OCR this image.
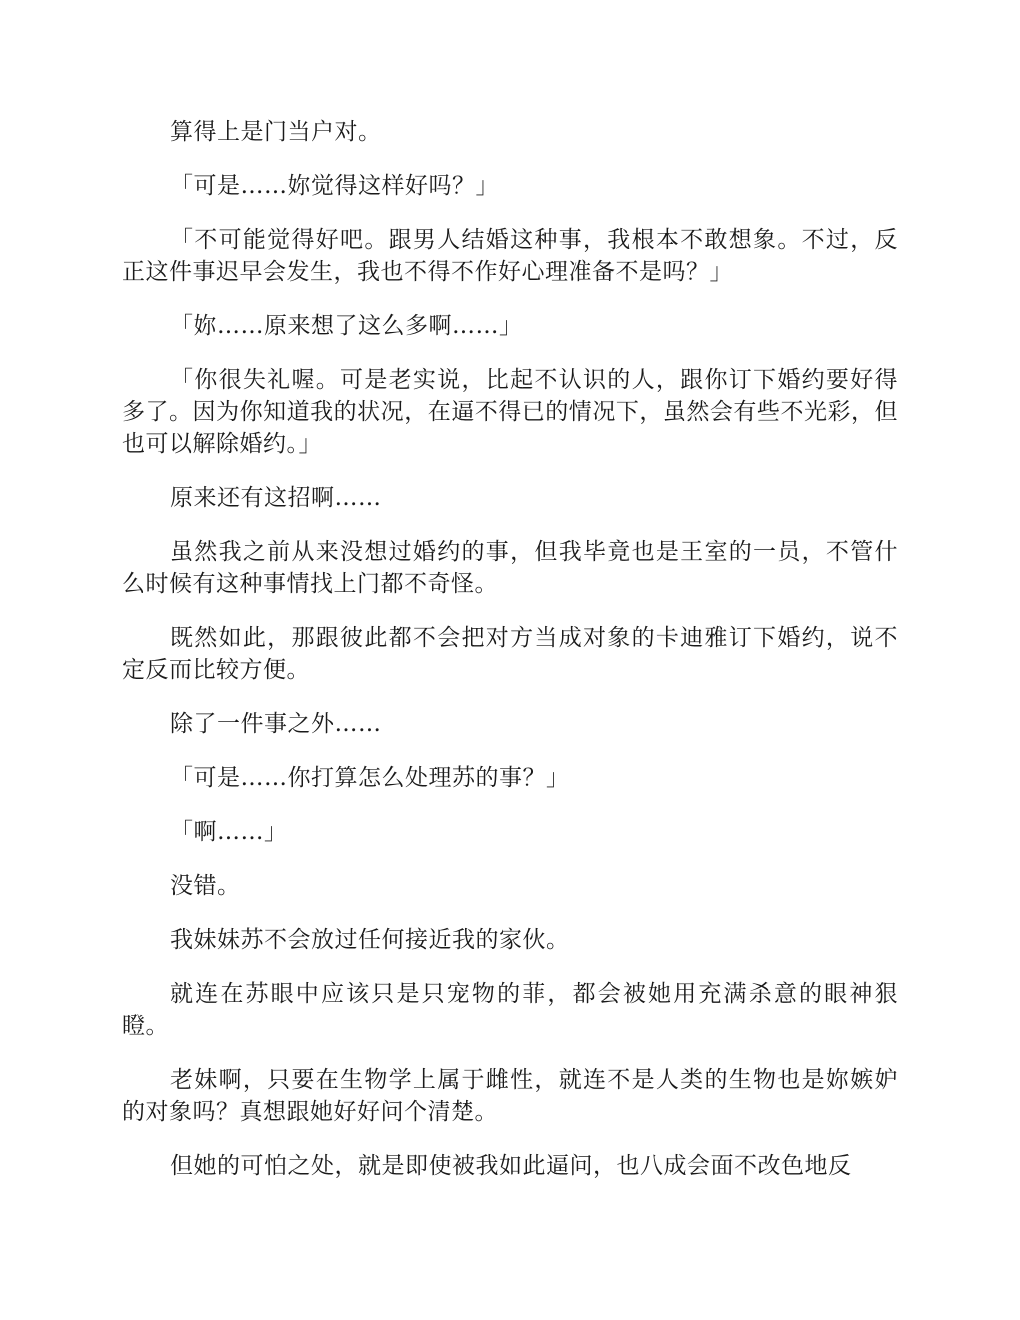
算得上是门当户对。

「可是……妳觉得这样好吗？」

「不可能觉得好吧。跟男人结婚这种事，我根本不敢想象。不过，反正这件事迟早会发生，我也不得不作好心理准备不是吗？」

「妳……原来想了这么多啊……」

「你很失礼喔。可是老实说，比起不认识的人，跟你订下婚约要好得多了。因为你知道我的状况，在逼不得已的情况下，虽然会有些不光彩，但也可以解除婚约。」

原来还有这招啊……

虽然我之前从来没想过婚约的事，但我毕竟也是王室的一员，不管什么时候有这种事情找上门都不奇怪。

既然如此，那跟彼此都不会把对方当成对象的卡迪雅订下婚约，说不定反而比较方便。

除了一件事之外……

「可是……你打算怎么处理苏的事？」

「啊……」

没错。

我妹妹苏不会放过任何接近我的家伙。

就连在苏眼中应该只是只宠物的菲，都会被她用充满杀意的眼神狠瞪。

老妹啊，只要在生物学上属于雌性，就连不是人类的生物也是妳嫉妒的对象吗？真想跟她好好问个清楚。

但她的可怕之处，就是即使被我如此逼问，也八成会面不改色地反
